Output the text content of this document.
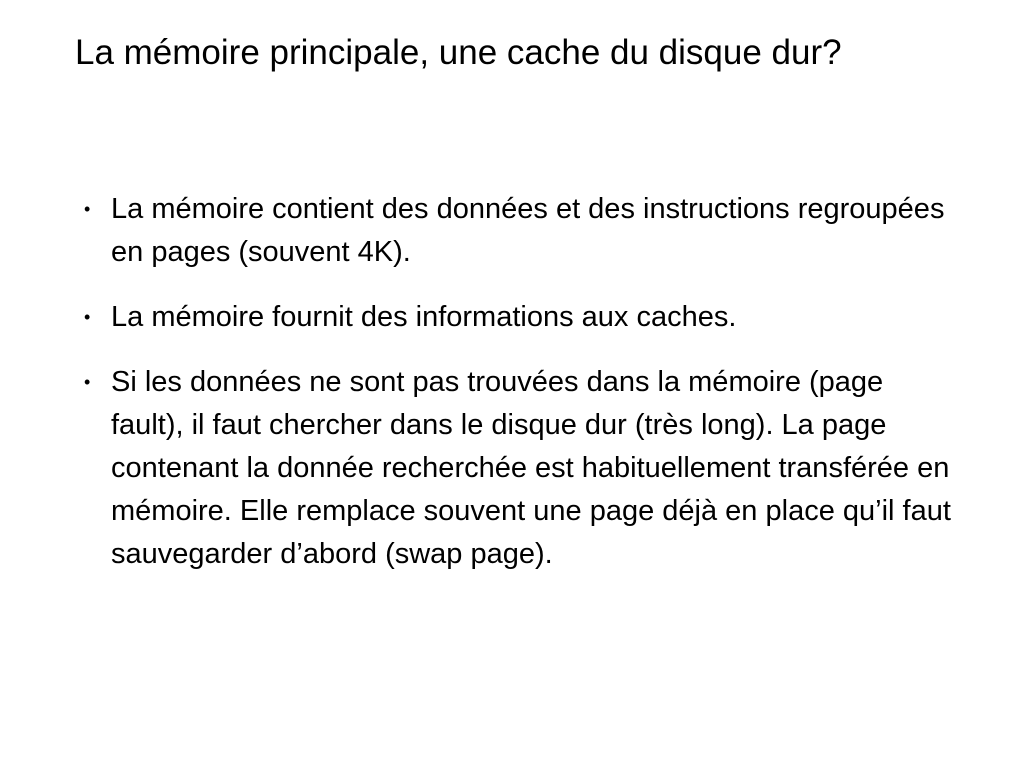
La mémoire principale, une cache du disque dur?
• La mémoire contient des données et des instructions regroupées en pages (souvent 4K).
• La mémoire fournit des informations aux caches.
• Si les données ne sont pas trouvées dans la mémoire (page fault), il faut chercher dans le disque dur (très long). La page contenant la donnée recherchée est habituellement transférée en mémoire. Elle remplace souvent une page déjà en place qu’il faut sauvegarder d’abord (swap page).
